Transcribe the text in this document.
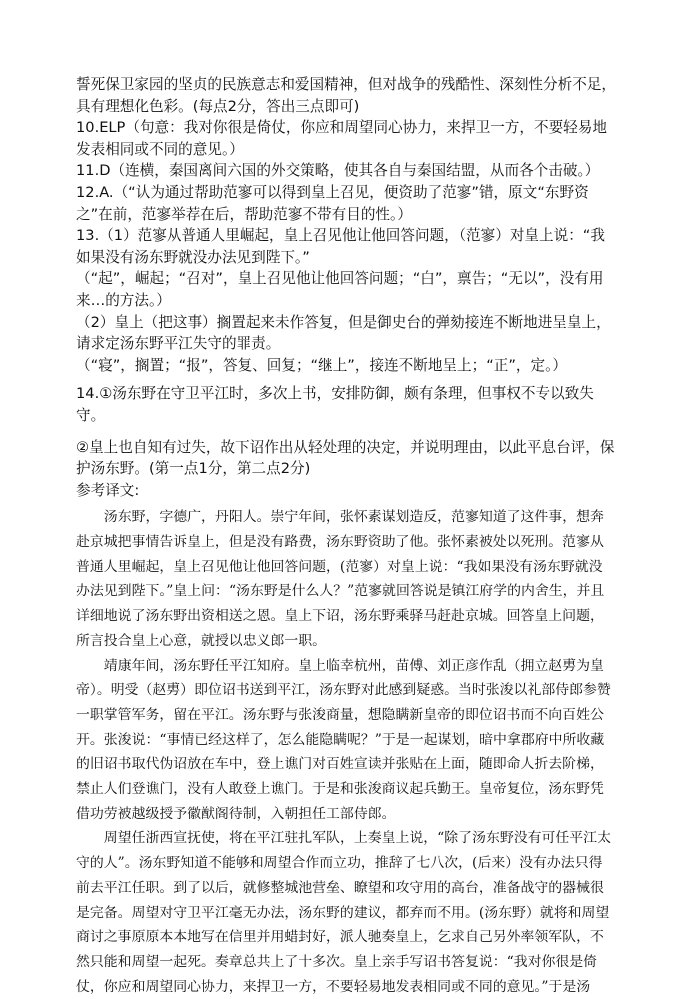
誓死保卫家园的坚贞的民族意志和爱国精神，但对战争的残酷性、深刻性分析不足，具有理想化色彩。(每点2分，答出三点即可)

10.ELP（句意：我对你很是倚仗，你应和周望同心协力，来捍卫一方，不要轻易地发表相同或不同的意见。）

11.D（连横，秦国离间六国的外交策略，使其各自与秦国结盟，从而各个击破。）

12.A.（“认为通过帮助范寥可以得到皇上召见，便资助了范寥”错，原文“东野资之”在前，范寥举荐在后，帮助范寥不带有目的性。）

13.（1）范寥从普通人里崛起，皇上召见他让他回答问题，（范寥）对皇上说：“我如果没有汤东野就没办法见到陛下。”

（“起”，崛起；“召对”，皇上召见他让他回答问题；“白”，禀告；“无以”，没有用来…的方法。）

（2）皇上（把这事）搁置起来未作答复，但是御史台的弹劾接连不断地进呈皇上，请求定汤东野平江失守的罪责。

（“寝”，搁置；“报”，答复、回复；“继上”，接连不断地呈上；“正”，定。）

14.①汤东野在守卫平江时，多次上书，安排防御，颇有条理，但事权不专以致失守。

②皇上也自知有过失，故下诏作出从轻处理的决定，并说明理由，以此平息台评，保护汤东野。(第一点1分，第二点2分)

参考译文:

汤东野，字德广，丹阳人。崇宁年间，张怀素谋划造反，范寥知道了这件事，想奔赴京城把事情告诉皇上，但是没有路费，汤东野资助了他。张怀素被处以死刑。范寥从普通人里崛起，皇上召见他让他回答问题，(范寥）对皇上说：“我如果没有汤东野就没办法见到陛下。”皇上问：“汤东野是什么人？”范寥就回答说是镇江府学的内舍生，并且详细地说了汤东野出资相送之恩。皇上下诏，汤东野乘驿马赶赴京城。回答皇上问题，所言投合皇上心意，就授以忠义郎一职。

靖康年间，汤东野任平江知府。皇上临幸杭州，苗傅、刘正彦作乱（拥立赵旉为皇帝）。明受（赵旉）即位诏书送到平江，汤东野对此感到疑惑。当时张浚以礼部侍郎参赞一职掌管军务，留在平江。汤东野与张浚商量，想隐瞒新皇帝的即位诏书而不向百姓公开。张浚说：“事情已经这样了，怎么能隐瞒呢？”于是一起谋划，暗中拿郡府中所收藏的旧诏书取代伪诏放在车中，登上谯门对百姓宣读并张贴在上面，随即命人折去阶梯，禁止人们登谯门，没有人敢登上谯门。于是和张浚商议起兵勤王。皇帝复位，汤东野凭借功劳被越级授予徽猷阁待制，入朝担任工部侍郎。

周望任浙西宣抚使，将在平江驻扎军队，上奏皇上说，“除了汤东野没有可任平江太守的人”。汤东野知道不能够和周望合作而立功，推辞了七八次，(后来）没有办法只得前去平江任职。到了以后，就修整城池营垒、瞭望和攻守用的高台，准备战守的器械很是完备。周望对守卫平江毫无办法，汤东野的建议，都弃而不用。(汤东野）就将和周望商讨之事原原本本地写在信里并用蜡封好，派人驰奏皇上，乞求自己另外率领军队，不然只能和周望一起死。奏章总共上了十多次。皇上亲手写诏书答复说：“我对你很是倚仗，你应和周望同心协力，来捍卫一方，不要轻易地发表相同或不同的意见。”于是汤
